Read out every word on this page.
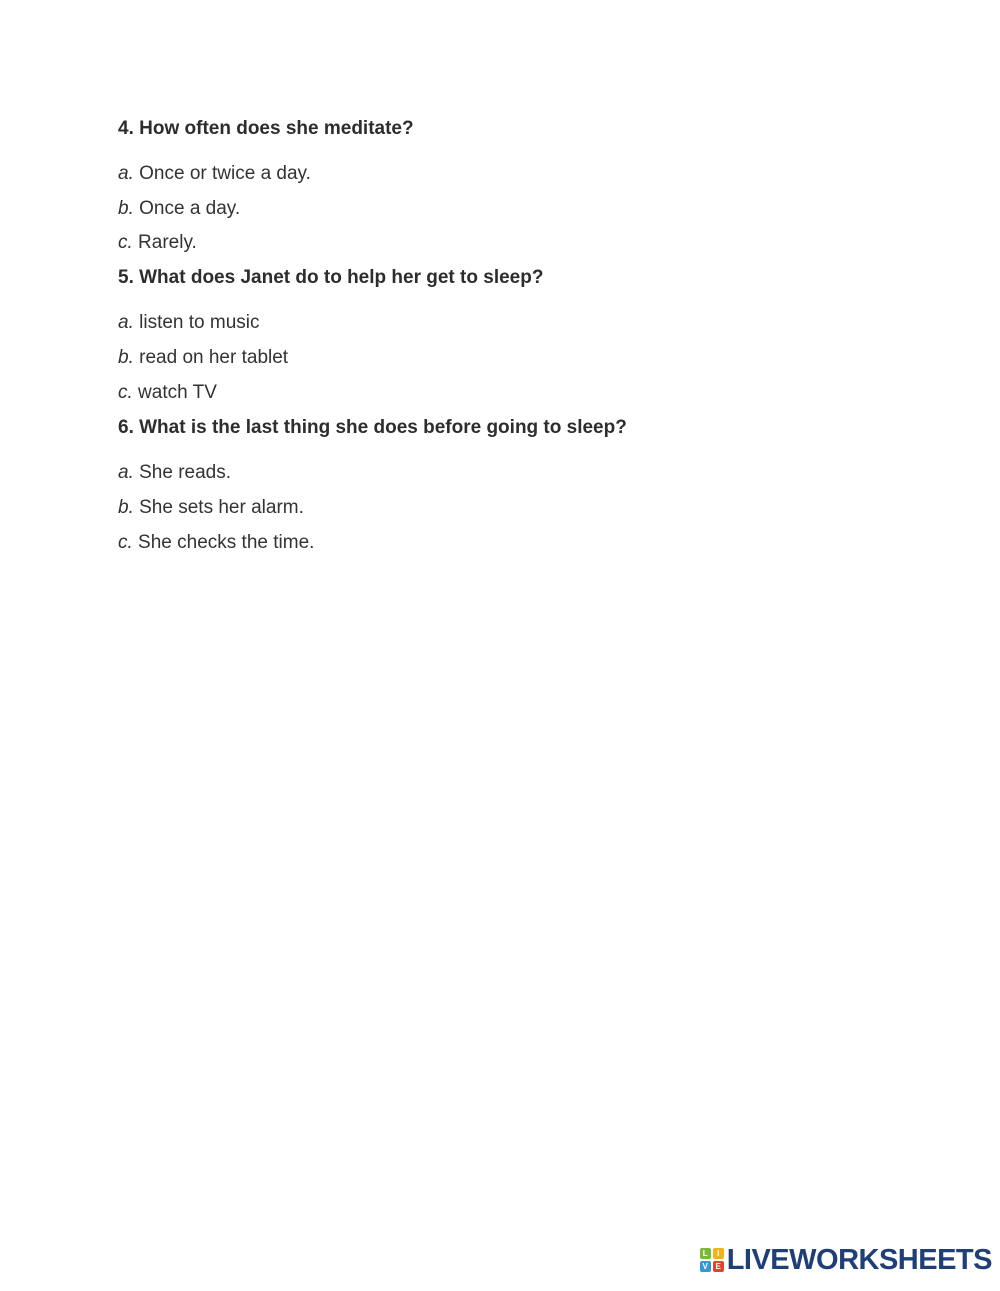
4. How often does she meditate?
a. Once or twice a day.
b. Once a day.
c. Rarely.
5. What does Janet do to help her get to sleep?
a. listen to music
b. read on her tablet
c. watch TV
6. What is the last thing she does before going to sleep?
a. She reads.
b. She sets her alarm.
c. She checks the time.
L	I
V E LIVEWORKSHEETS
